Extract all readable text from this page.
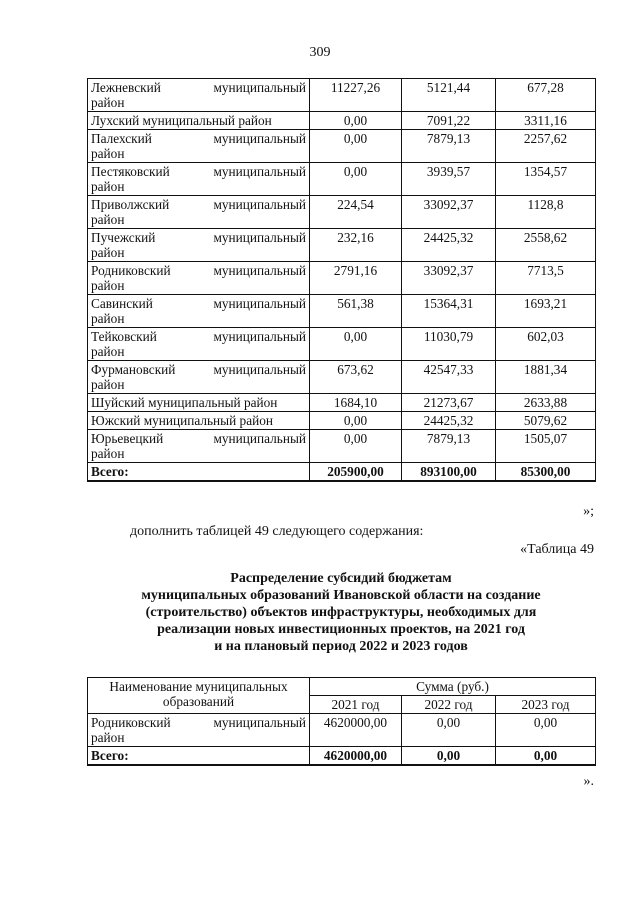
309
Лежневский муниципальный
район	11227,26	5121,44	677,28

Лухский муниципальный район	0,00	7091,22	3311,16

Палехский муниципальный
район	0,00	7879,13	2257,62

Пестяковский муниципальный
район	0,00	3939,57	1354,57

Приволжский муниципальный
район	224,54	33092,37	1128,8

Пучежский муниципальный
район	232,16	24425,32	2558,62

Родниковский муниципальный
район	2791,16	33092,37	7713,5

Савинский муниципальный
район	561,38	15364,31	1693,21

Тейковский муниципальный
район	0,00	11030,79	602,03

Фурмановский муниципальный
район	673,62	42547,33	1881,34

Шуйский муниципальный район	1684,10	21273,67	2633,88

Южский муниципальный район	0,00	24425,32	5079,62

Юрьевецкий муниципальный
район	0,00	7879,13	1505,07
Всего:	205900,00	893100,00	85300,00
»;
дополнить таблицей 49 следующего содержания:
«Таблица 49
Распределение субсидий бюджетам
муниципальных образований Ивановской области на создание
(строительство) объектов инфраструктуры, необходимых для
реализации новых инвестиционных проектов, на 2021 год
и на плановый период 2022 и 2023 годов
Наименование муниципальных
образований	Сумма (руб.)		
	2021 год	2022 год	2023 год

Родниковский муниципальный
район	4620000,00	0,00	0,00
Всего:	4620000,00	0,00	0,00
».
